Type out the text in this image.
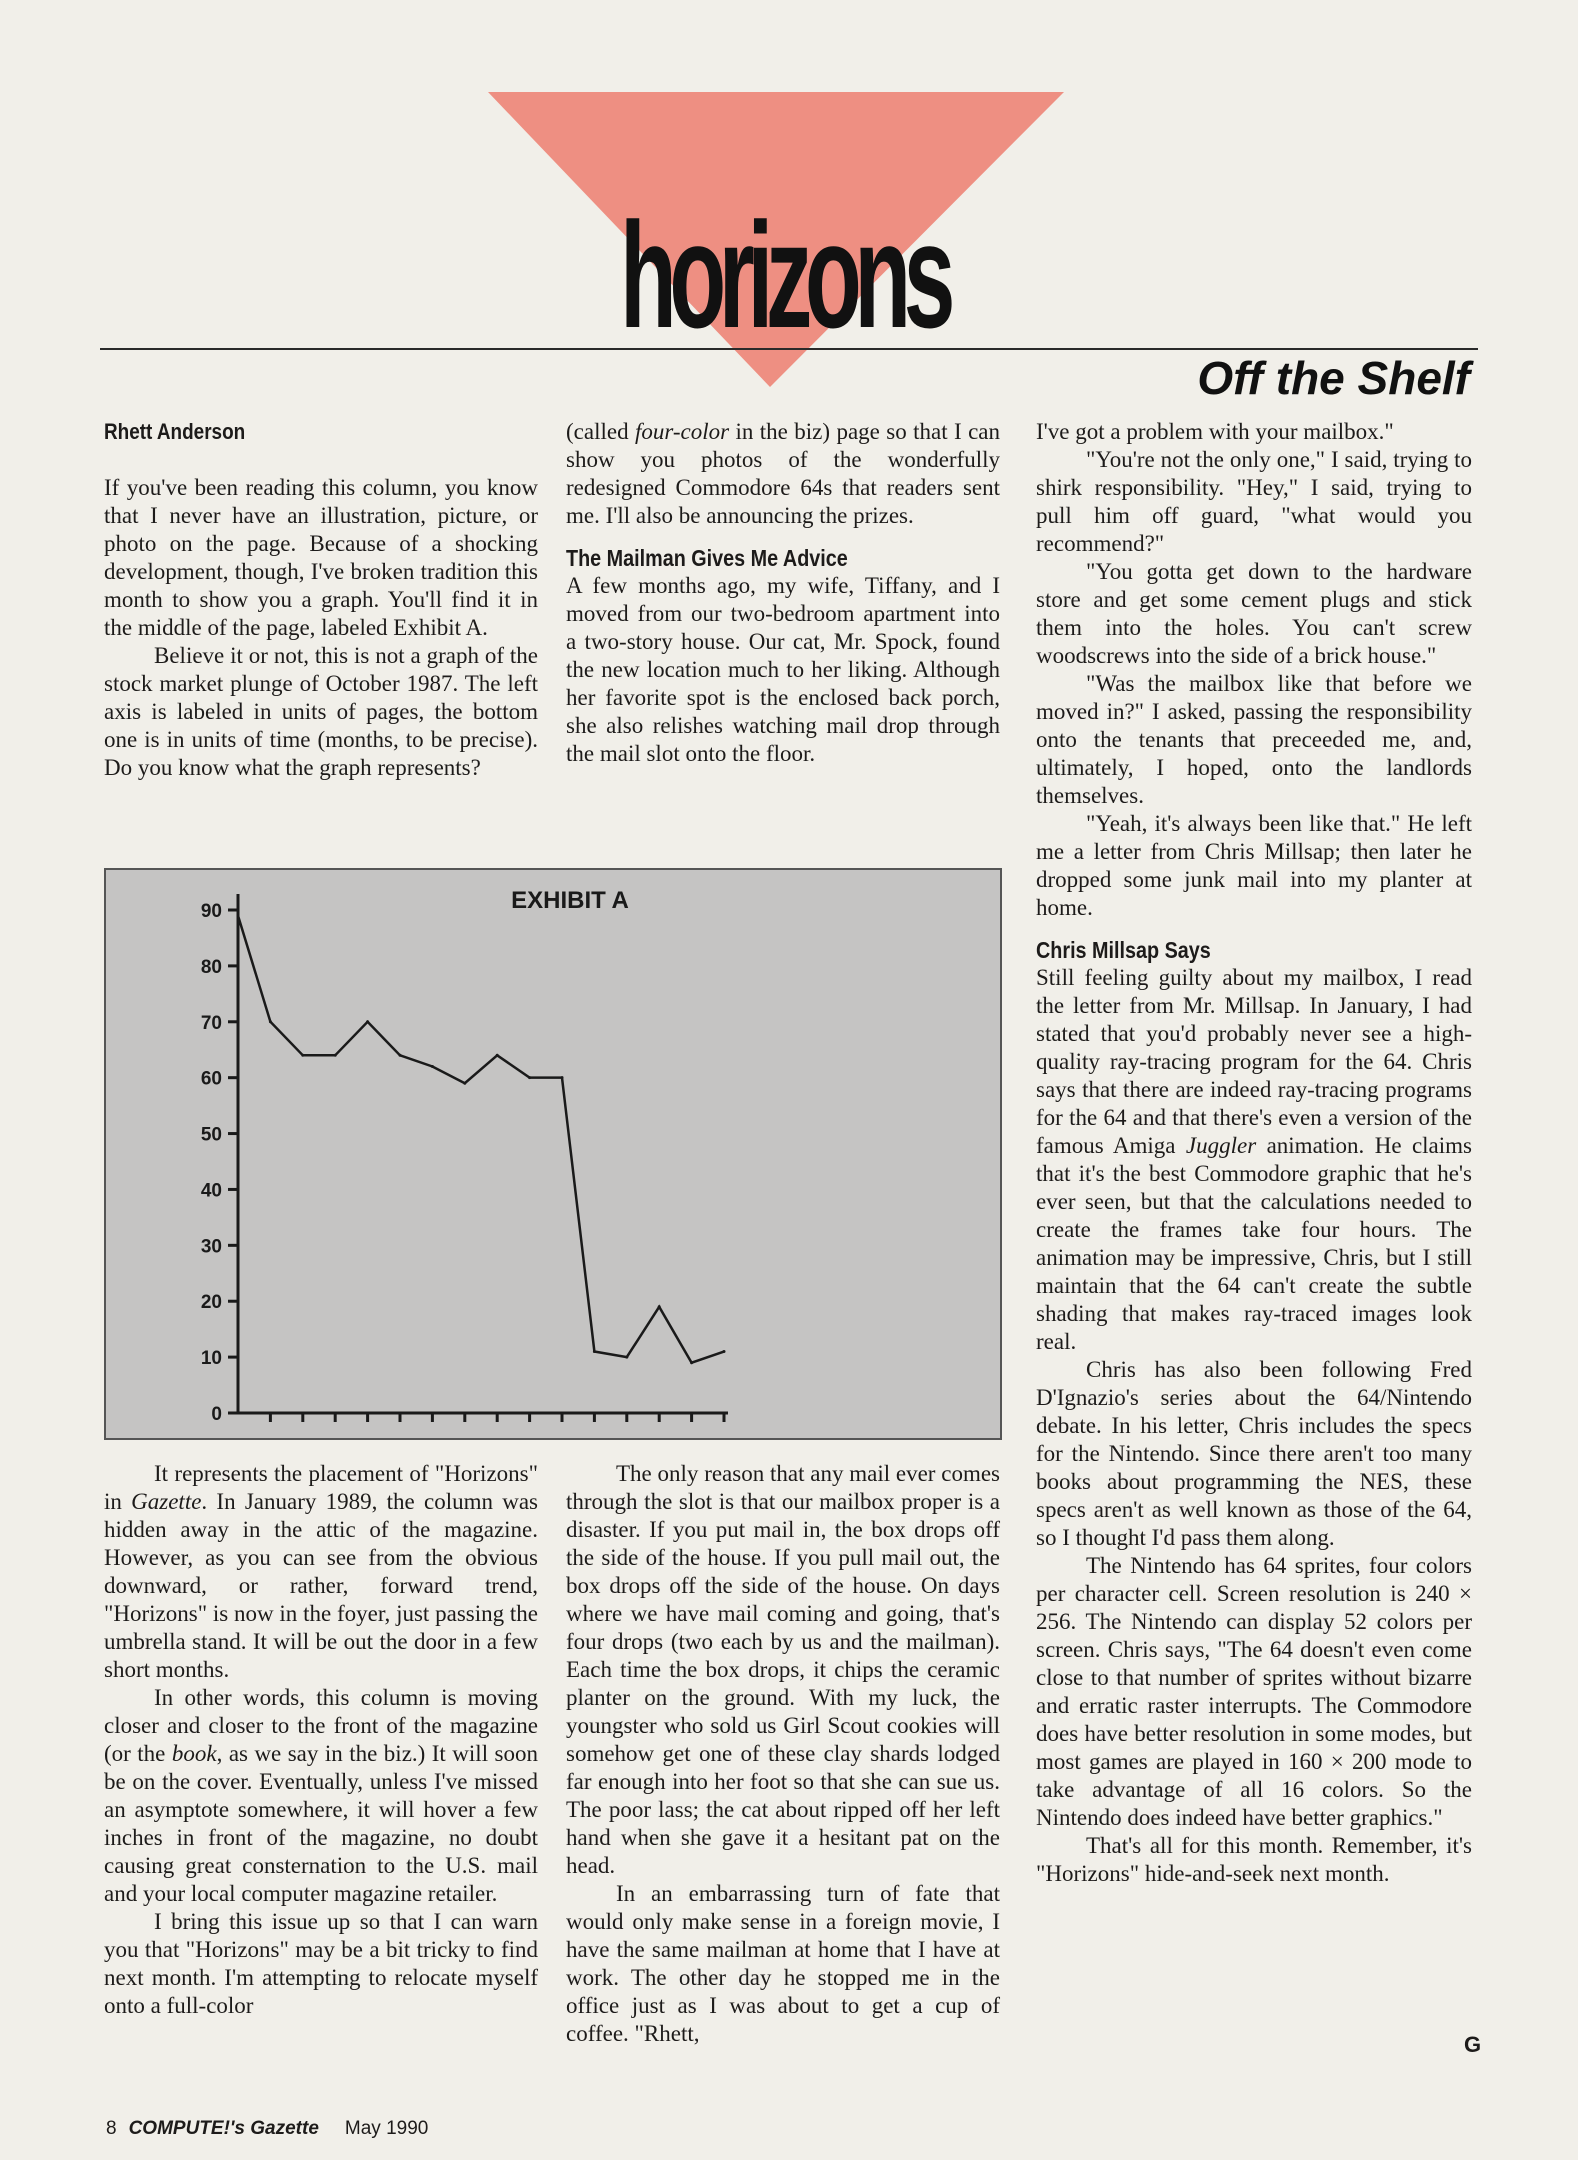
horizons
Off the Shelf
Rhett Anderson

If you've been reading this column, you know that I never have an illustration, picture, or photo on the page. Because of a shocking development, though, I've broken tradition this month to show you a graph. You'll find it in the middle of the page, labeled Exhibit A.

Believe it or not, this is not a graph of the stock market plunge of October 1987. The left axis is labeled in units of pages, the bottom one is in units of time (months, to be precise). Do you know what the graph represents?

(called four-color in the biz) page so that I can show you photos of the wonderfully redesigned Commodore 64s that readers sent me. I'll also be announcing the prizes.

The Mailman Gives Me Advice

A few months ago, my wife, Tiffany, and I moved from our two-bedroom apartment into a two-story house. Our cat, Mr. Spock, found the new location much to her liking. Although her favorite spot is the enclosed back porch, she also relishes watching mail drop through the mail slot onto the floor.

EXHIBIT A
0
10
20
30
40
50
60
70
80
90

It represents the placement of "Horizons" in Gazette. In January 1989, the column was hidden away in the attic of the magazine. However, as you can see from the obvious downward, or rather, forward trend, "Horizons" is now in the foyer, just passing the umbrella stand. It will be out the door in a few short months.

In other words, this column is moving closer and closer to the front of the magazine (or the book, as we say in the biz.) It will soon be on the cover. Eventually, unless I've missed an asymptote somewhere, it will hover a few inches in front of the magazine, no doubt causing great consternation to the U.S. mail and your local computer magazine retailer.

I bring this issue up so that I can warn you that "Horizons" may be a bit tricky to find next month. I'm attempting to relocate myself onto a full-color

The only reason that any mail ever comes through the slot is that our mailbox proper is a disaster. If you put mail in, the box drops off the side of the house. If you pull mail out, the box drops off the side of the house. On days where we have mail coming and going, that's four drops (two each by us and the mailman). Each time the box drops, it chips the ceramic planter on the ground. With my luck, the youngster who sold us Girl Scout cookies will somehow get one of these clay shards lodged far enough into her foot so that she can sue us. The poor lass; the cat about ripped off her left hand when she gave it a hesitant pat on the head.

In an embarrassing turn of fate that would only make sense in a foreign movie, I have the same mailman at home that I have at work. The other day he stopped me in the office just as I was about to get a cup of coffee. "Rhett,

I've got a problem with your mailbox."

"You're not the only one," I said, trying to shirk responsibility. "Hey," I said, trying to pull him off guard, "what would you recommend?"

"You gotta get down to the hardware store and get some cement plugs and stick them into the holes. You can't screw woodscrews into the side of a brick house."

"Was the mailbox like that before we moved in?" I asked, passing the responsibility onto the tenants that preceeded me, and, ultimately, I hoped, onto the landlords themselves.

"Yeah, it's always been like that." He left me a letter from Chris Millsap; then later he dropped some junk mail into my planter at home.

Chris Millsap Says

Still feeling guilty about my mailbox, I read the letter from Mr. Millsap. In January, I had stated that you'd probably never see a high-quality ray-tracing program for the 64. Chris says that there are indeed ray-tracing programs for the 64 and that there's even a version of the famous Amiga Juggler animation. He claims that it's the best Commodore graphic that he's ever seen, but that the calculations needed to create the frames take four hours. The animation may be impressive, Chris, but I still maintain that the 64 can't create the subtle shading that makes ray-traced images look real.

Chris has also been following Fred D'Ignazio's series about the 64/Nintendo debate. In his letter, Chris includes the specs for the Nintendo. Since there aren't too many books about programming the NES, these specs aren't as well known as those of the 64, so I thought I'd pass them along.

The Nintendo has 64 sprites, four colors per character cell. Screen resolution is 240 × 256. The Nintendo can display 52 colors per screen. Chris says, "The 64 doesn't even come close to that number of sprites without bizarre and erratic raster interrupts. The Commodore does have better resolution in some modes, but most games are played in 160 × 200 mode to take advantage of all 16 colors. So the Nintendo does indeed have better graphics."

That's all for this month. Remember, it's "Horizons" hide-and-seek next month.

8 COMPUTE!'s Gazette May 1990
G
